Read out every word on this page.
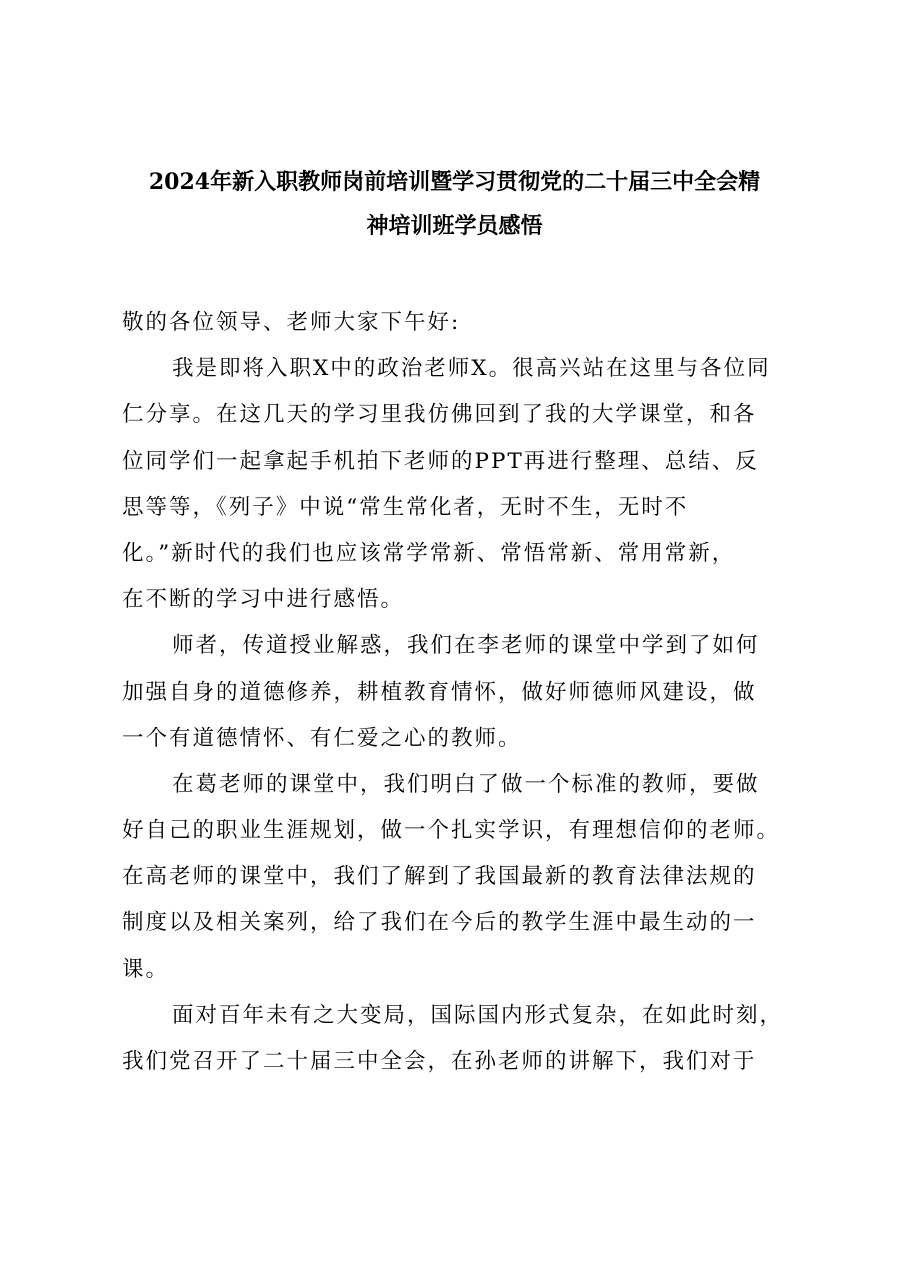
2024年新入职教师岗前培训暨学习贯彻党的二十届三中全会精
神培训班学员感悟
敬的各位领导、老师大家下午好:
我是即将入职X中的政治老师X。很高兴站在这里与各位同
仁分享。在这几天的学习里我仿佛回到了我的大学课堂，和各
位同学们一起拿起手机拍下老师的PPT再进行整理、总结、反
思等等，《列子》中说“常生常化者，无时不生，无时不
化。”新时代的我们也应该常学常新、常悟常新、常用常新，
在不断的学习中进行感悟。
师者，传道授业解惑，我们在李老师的课堂中学到了如何
加强自身的道德修养，耕植教育情怀，做好师德师风建设，做
一个有道德情怀、有仁爱之心的教师。
在葛老师的课堂中，我们明白了做一个标准的教师，要做
好自己的职业生涯规划，做一个扎实学识，有理想信仰的老师。
在高老师的课堂中，我们了解到了我国最新的教育法律法规的
制度以及相关案列，给了我们在今后的教学生涯中最生动的一
课。
面对百年未有之大变局，国际国内形式复杂，在如此时刻，
我们党召开了二十届三中全会，在孙老师的讲解下，我们对于
